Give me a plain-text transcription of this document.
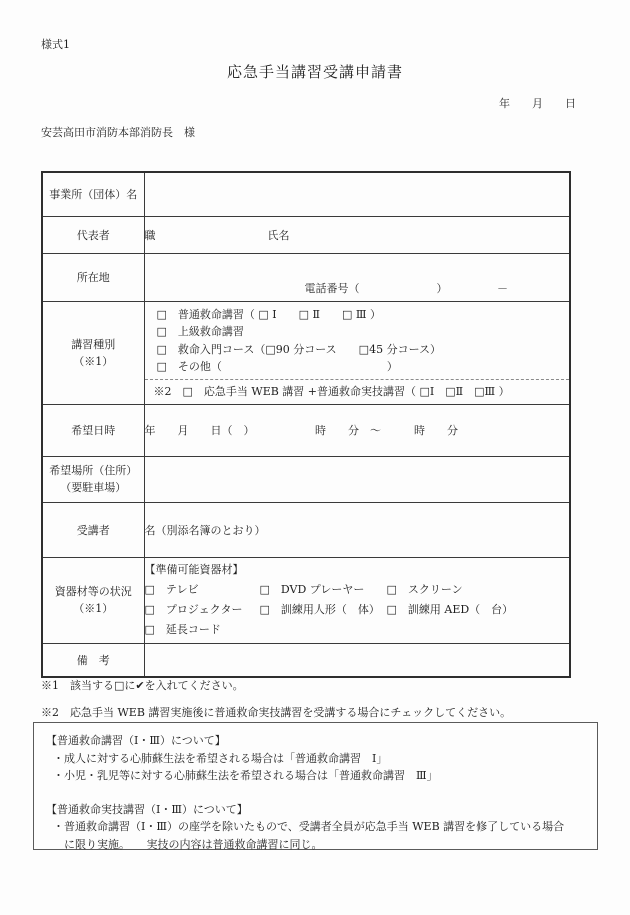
様式1
応急手当講習受講申請書
年　　月　　日
安芸高田市消防本部消防長　様
事業所（団体）名	
代表者	職 氏名
所在地	電話番号（　　　　　　　）　　　　　－

講習種別
（※1）

□　普通救命講習（ □ Ⅰ　　□ Ⅱ　　□ Ⅲ ）
□　上級救命講習
□　救命入門コース（□90 分コース　　□45 分コース）
□　その他（　　　　　　　　　　　　　　　）
※2　□　応急手当 WEB 講習 +普通救命実技講習（ □Ⅰ　□Ⅱ　□Ⅲ ）

希望日時	年　　月　　日（　）　　　　　　時　　分　～　　　時　　分

希望場所（住所）
（要駐車場）	

受講者	名（別添名簿のとおり）

資器材等の状況
（※1）

【準備可能資器材】
□　テレビ	□　DVD プレーヤー	□　スクリーン
□　プロジェクター	□　訓練用人形（　体） □　訓練用 AED（　台）
□　延長コード

備　考	
※1　該当する□に✔を入れてください。
※2　応急手当 WEB 講習実施後に普通救命実技講習を受講する場合にチェックしてください。
【普通救命講習（Ⅰ・Ⅲ）について】
・成人に対する心肺蘇生法を希望される場合は「普通救命講習　Ⅰ」
・小児・乳児等に対する心肺蘇生法を希望される場合は「普通救命講習　Ⅲ」
【普通救命実技講習（Ⅰ・Ⅲ）について】
・普通救命講習（Ⅰ・Ⅲ）の座学を除いたもので、受講者全員が応急手当 WEB 講習を修了している場合
　に限り実施。　　実技の内容は普通救命講習に同じ。
